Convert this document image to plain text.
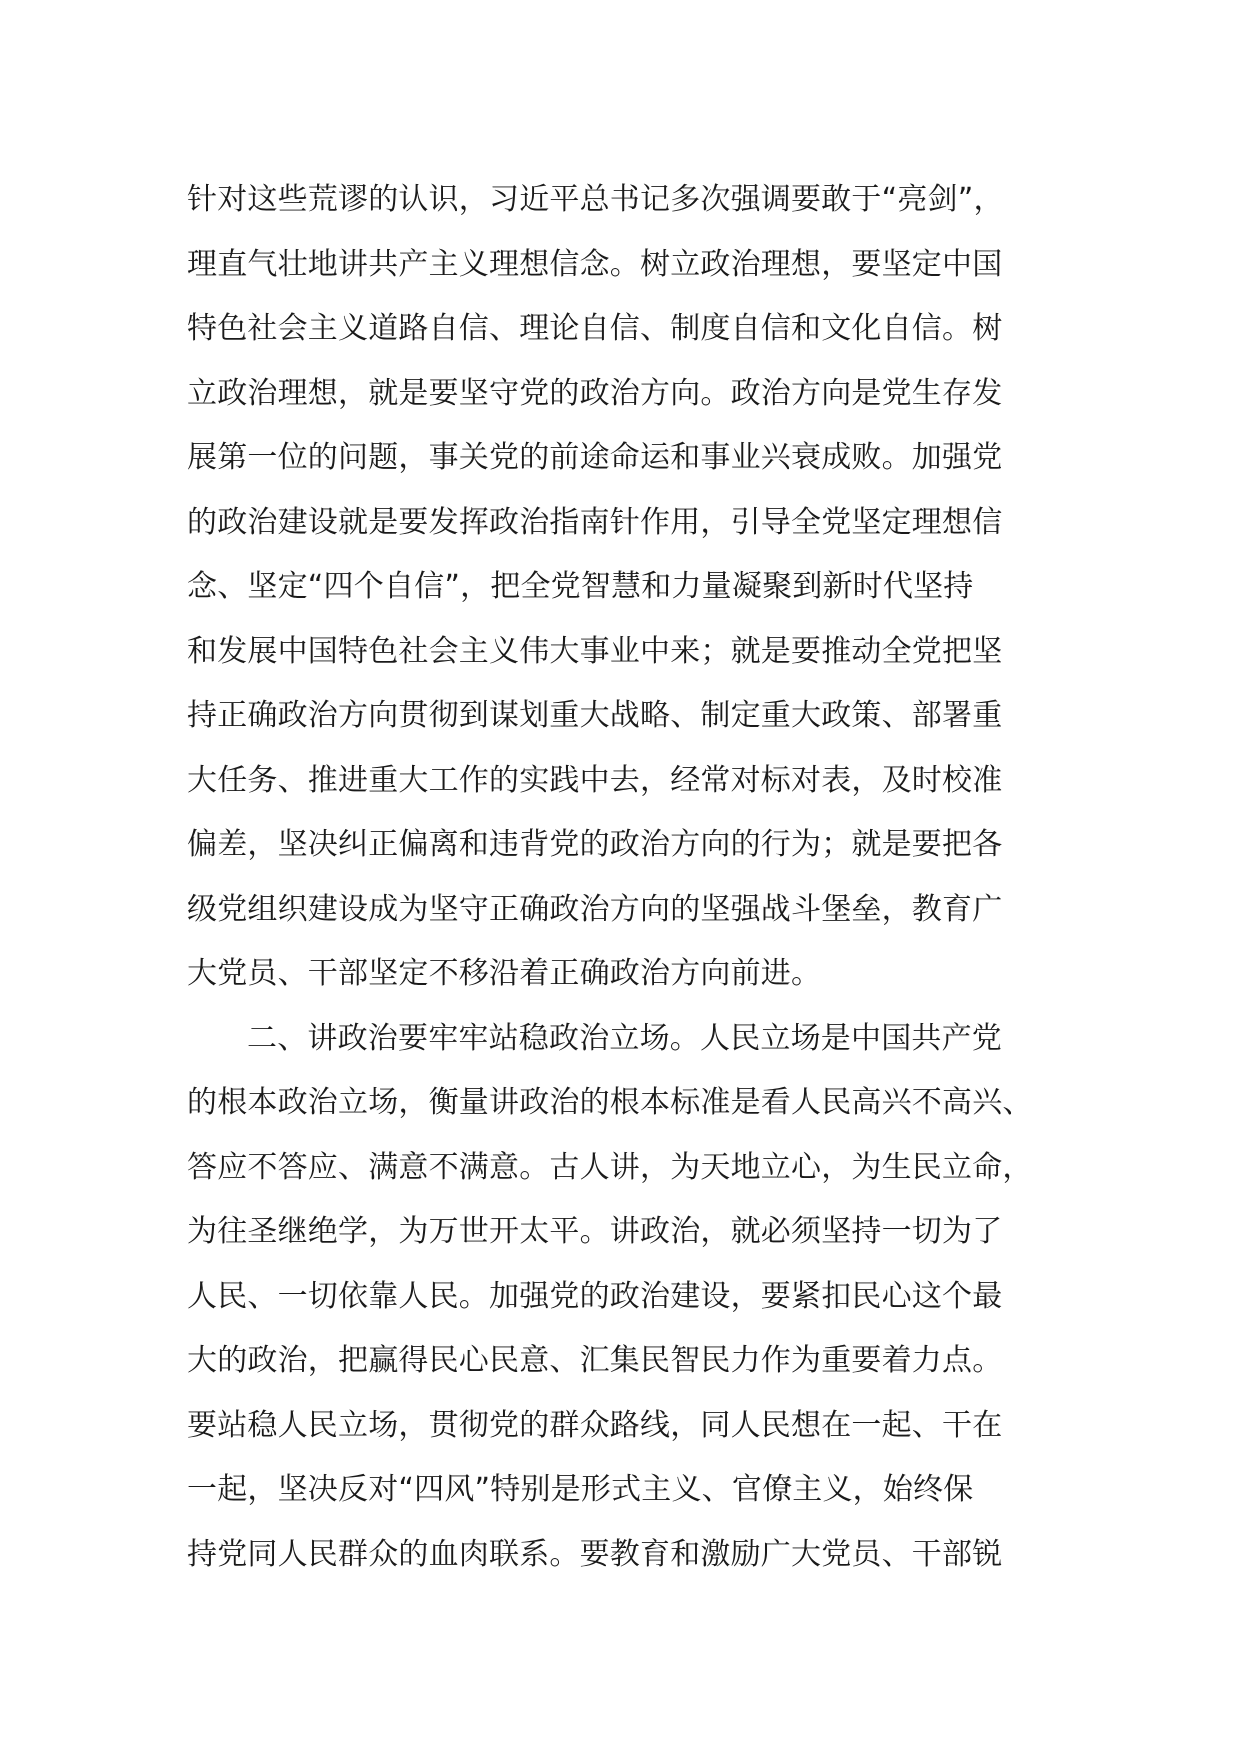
针对这些荒谬的认识，习近平总书记多次强调要敢于“亮剑”，
理直气壮地讲共产主义理想信念。树立政治理想，要坚定中国
特色社会主义道路自信、理论自信、制度自信和文化自信。树
立政治理想，就是要坚守党的政治方向。政治方向是党生存发
展第一位的问题，事关党的前途命运和事业兴衰成败。加强党
的政治建设就是要发挥政治指南针作用，引导全党坚定理想信
念、坚定“四个自信”，把全党智慧和力量凝聚到新时代坚持
和发展中国特色社会主义伟大事业中来；就是要推动全党把坚
持正确政治方向贯彻到谋划重大战略、制定重大政策、部署重
大任务、推进重大工作的实践中去，经常对标对表，及时校准
偏差，坚决纠正偏离和违背党的政治方向的行为；就是要把各
级党组织建设成为坚守正确政治方向的坚强战斗堡垒，教育广
大党员、干部坚定不移沿着正确政治方向前进。
二、讲政治要牢牢站稳政治立场。人民立场是中国共产党
的根本政治立场，衡量讲政治的根本标准是看人民高兴不高兴、
答应不答应、满意不满意。古人讲，为天地立心，为生民立命，
为往圣继绝学，为万世开太平。讲政治，就必须坚持一切为了
人民、一切依靠人民。加强党的政治建设，要紧扣民心这个最
大的政治，把赢得民心民意、汇集民智民力作为重要着力点。
要站稳人民立场，贯彻党的群众路线，同人民想在一起、干在
一起，坚决反对“四风”特别是形式主义、官僚主义，始终保
持党同人民群众的血肉联系。要教育和激励广大党员、干部锐
